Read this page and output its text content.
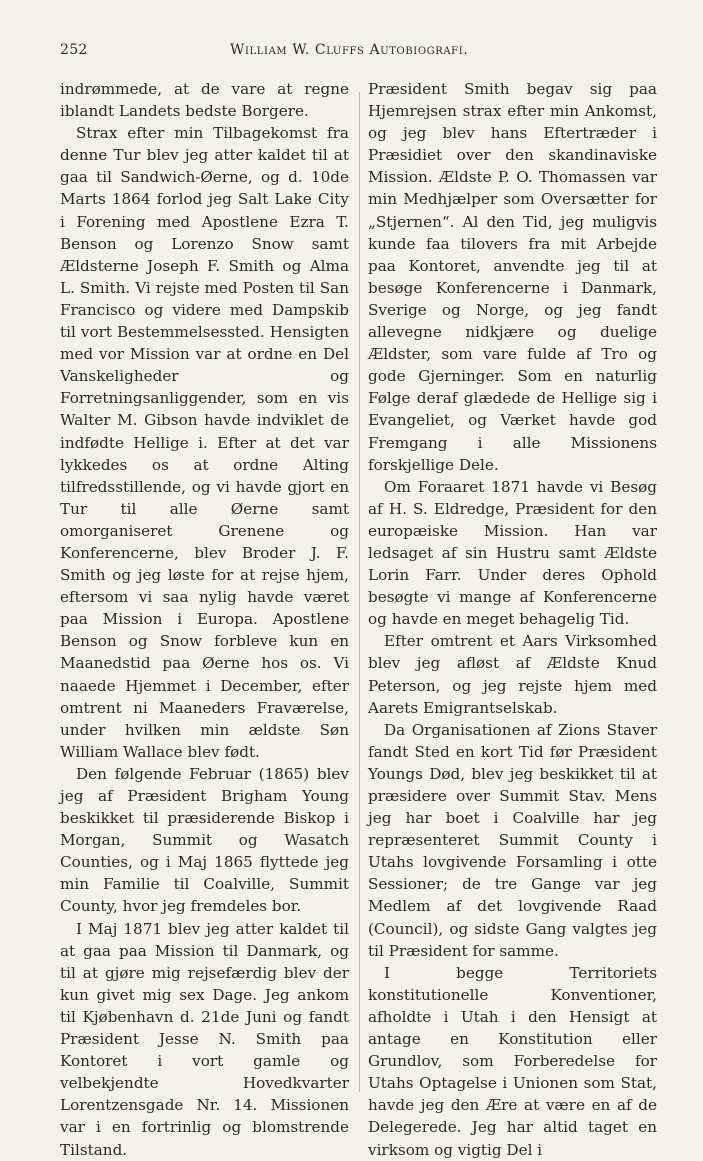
252	William W. Cluffs Autobiografi.

indrømmede, at de vare at regne iblandt Landets bedste Borgere.

Strax efter min Tilbagekomst fra denne Tur blev jeg atter kaldet til at gaa til Sandwich-Øerne, og d. 10de Marts 1864 forlod jeg Salt Lake City i Forening med Apostlene Ezra T. Benson og Lorenzo Snow samt Ældsterne Joseph F. Smith og Alma L. Smith. Vi rejste med Posten til San Francisco og videre med Dampskib til vort Bestemmelsessted. Hensigten med vor Mission var at ordne en Del Vanskeligheder og Forretningsanliggender, som en vis Walter M. Gibson havde indviklet de indfødte Hellige i. Efter at det var lykkedes os at ordne Alting tilfredsstillende, og vi havde gjort en Tur til alle Øerne samt omorganiseret Grenene og Konferencerne, blev Broder J. F. Smith og jeg løste for at rejse hjem, eftersom vi saa nylig havde været paa Mission i Europa. Apostlene Benson og Snow forbleve kun en Maanedstid paa Øerne hos os. Vi naaede Hjemmet i December, efter omtrent ni Maaneders Fraværelse, under hvilken min ældste Søn William Wallace blev født.

Den følgende Februar (1865) blev jeg af Præsident Brigham Young beskikket til præsiderende Biskop i Morgan, Summit og Wasatch Counties, og i Maj 1865 flyttede jeg min Familie til Coalville, Summit County, hvor jeg fremdeles bor.

I Maj 1871 blev jeg atter kaldet til at gaa paa Mission til Danmark, og til at gjøre mig rejsefærdig blev der kun givet mig sex Dage. Jeg ankom til Kjøbenhavn d. 21de Juni og fandt Præsident Jesse N. Smith paa Kontoret i vort gamle og velbekjendte Hovedkvarter Lorentzensgade Nr. 14. Missionen var i en fortrinlig og blomstrende Tilstand.

Præsident Smith begav sig paa Hjemrejsen strax efter min Ankomst, og jeg blev hans Eftertræder i Præsidiet over den skandinaviske Mission. Ældste P. O. Thomassen var min Medhjælper som Oversætter for „Stjernen“. Al den Tid, jeg muligvis kunde faa tilovers fra mit Arbejde paa Kontoret, anvendte jeg til at besøge Konferencerne i Danmark, Sverige og Norge, og jeg fandt allevegne nidkjære og duelige Ældster, som vare fulde af Tro og gode Gjerninger. Som en naturlig Følge deraf glædede de Hellige sig i Evangeliet, og Værket havde god Fremgang i alle Missionens forskjellige Dele.

Om Foraaret 1871 havde vi Besøg af H. S. Eldredge, Præsident for den europæiske Mission. Han var ledsaget af sin Hustru samt Ældste Lorin Farr. Under deres Ophold besøgte vi mange af Konferencerne og havde en meget behagelig Tid.

Efter omtrent et Aars Virksomhed blev jeg afløst af Ældste Knud Peterson, og jeg rejste hjem med Aarets Emigrantselskab.

Da Organisationen af Zions Staver fandt Sted en kort Tid før Præsident Youngs Død, blev jeg beskikket til at præsidere over Summit Stav. Mens jeg har boet i Coalville har jeg repræsenteret Summit County i Utahs lovgivende Forsamling i otte Sessioner; de tre Gange var jeg Medlem af det lovgivende Raad (Council), og sidste Gang valgtes jeg til Præsident for samme.

I begge Territoriets konstitutionelle Konventioner, afholdte i Utah i den Hensigt at antage en Konstitution eller Grundlov, som Forberedelse for Utahs Optagelse i Unionen som Stat, havde jeg den Ære at være en af de Delegerede. Jeg har altid taget en virksom og vigtig Del i
